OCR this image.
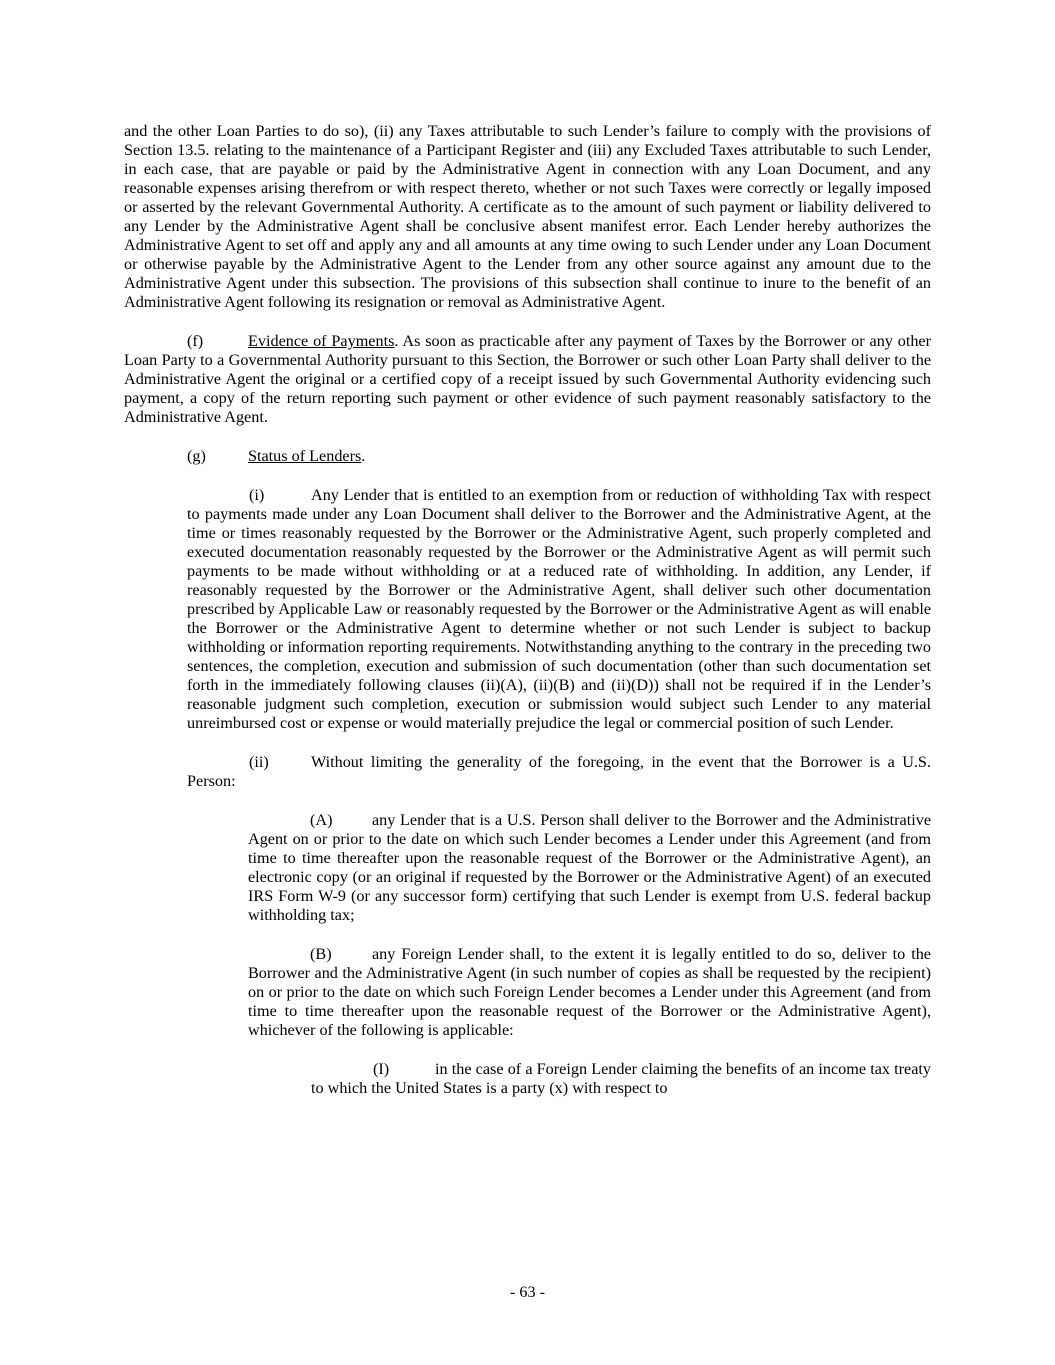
and the other Loan Parties to do so), (ii) any Taxes attributable to such Lender’s failure to comply with the provisions of Section 13.5. relating to the maintenance of a Participant Register and (iii) any Excluded Taxes attributable to such Lender, in each case, that are payable or paid by the Administrative Agent in connection with any Loan Document, and any reasonable expenses arising therefrom or with respect thereto, whether or not such Taxes were correctly or legally imposed or asserted by the relevant Governmental Authority. A certificate as to the amount of such payment or liability delivered to any Lender by the Administrative Agent shall be conclusive absent manifest error. Each Lender hereby authorizes the Administrative Agent to set off and apply any and all amounts at any time owing to such Lender under any Loan Document or otherwise payable by the Administrative Agent to the Lender from any other source against any amount due to the Administrative Agent under this subsection. The provisions of this subsection shall continue to inure to the benefit of an Administrative Agent following its resignation or removal as Administrative Agent.

(f)	Evidence of Payments. As soon as practicable after any payment of Taxes by the Borrower or any other Loan Party to a Governmental Authority pursuant to this Section, the Borrower or such other Loan Party shall deliver to the Administrative Agent the original or a certified copy of a receipt issued by such Governmental Authority evidencing such payment, a copy of the return reporting such payment or other evidence of such payment reasonably satisfactory to the Administrative Agent.

(g)	Status of Lenders.

(i)	Any Lender that is entitled to an exemption from or reduction of withholding Tax with respect to payments made under any Loan Document shall deliver to the Borrower and the Administrative Agent, at the time or times reasonably requested by the Borrower or the Administrative Agent, such properly completed and executed documentation reasonably requested by the Borrower or the Administrative Agent as will permit such payments to be made without withholding or at a reduced rate of withholding. In addition, any Lender, if reasonably requested by the Borrower or the Administrative Agent, shall deliver such other documentation prescribed by Applicable Law or reasonably requested by the Borrower or the Administrative Agent as will enable the Borrower or the Administrative Agent to determine whether or not such Lender is subject to backup withholding or information reporting requirements. Notwithstanding anything to the contrary in the preceding two sentences, the completion, execution and submission of such documentation (other than such documentation set forth in the immediately following clauses (ii)(A), (ii)(B) and (ii)(D)) shall not be required if in the Lender’s reasonable judgment such completion, execution or submission would subject such Lender to any material unreimbursed cost or expense or would materially prejudice the legal or commercial position of such Lender.

(ii)	Without limiting the generality of the foregoing, in the event that the Borrower is a U.S. Person:

(A) any Lender that is a U.S. Person shall deliver to the Borrower and the Administrative Agent on or prior to the date on which such Lender becomes a Lender under this Agreement (and from time to time thereafter upon the reasonable request of the Borrower or the Administrative Agent), an electronic copy (or an original if requested by the Borrower or the Administrative Agent) of an executed IRS Form W-9 (or any successor form) certifying that such Lender is exempt from U.S. federal backup withholding tax;

(B) any Foreign Lender shall, to the extent it is legally entitled to do so, deliver to the Borrower and the Administrative Agent (in such number of copies as shall be requested by the recipient) on or prior to the date on which such Foreign Lender becomes a Lender under this Agreement (and from time to time thereafter upon the reasonable request of the Borrower or the Administrative Agent), whichever of the following is applicable:

(I)	in the case of a Foreign Lender claiming the benefits of an income tax treaty to which the United States is a party (x) with respect to

- 63 -
